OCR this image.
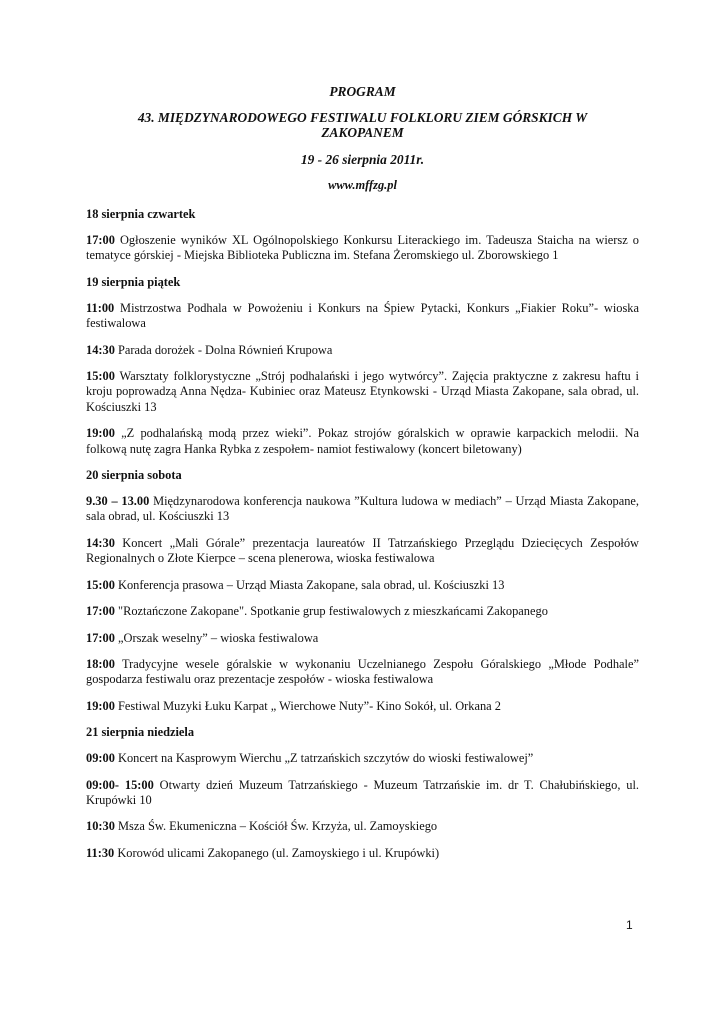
PROGRAM
43. MIĘDZYNARODOWEGO FESTIWALU FOLKLORU ZIEM GÓRSKICH W ZAKOPANEM
19 - 26 sierpnia 2011r.
www.mffzg.pl
18 sierpnia czwartek
17:00 Ogłoszenie wyników XL Ogólnopolskiego Konkursu Literackiego im. Tadeusza Staicha na wiersz o tematyce górskiej - Miejska Biblioteka Publiczna im. Stefana Żeromskiego ul. Zborowskiego 1
19 sierpnia piątek
11:00 Mistrzostwa Podhala w Powożeniu i Konkurs na Śpiew Pytacki, Konkurs „Fiakier Roku”- wioska festiwalowa
14:30 Parada dorożek - Dolna Równień Krupowa
15:00 Warsztaty folklorystyczne „Strój podhalański i jego wytwórcy”. Zajęcia praktyczne z zakresu haftu i kroju poprowadzą Anna Nędza- Kubiniec oraz Mateusz Etynkowski - Urząd Miasta Zakopane, sala obrad, ul. Kościuszki 13
19:00 „Z podhalańską modą przez wieki”. Pokaz strojów góralskich w oprawie karpackich melodii. Na folkową nutę zagra Hanka Rybka z zespołem- namiot festiwalowy (koncert biletowany)
20 sierpnia sobota
9.30 – 13.00 Międzynarodowa konferencja naukowa ”Kultura ludowa w mediach” – Urząd Miasta Zakopane, sala obrad, ul. Kościuszki 13
14:30 Koncert „Mali Górale” prezentacja laureatów II Tatrzańskiego Przeglądu Dziecięcych Zespołów Regionalnych o Złote Kierpce – scena plenerowa, wioska festiwalowa
15:00 Konferencja prasowa – Urząd Miasta Zakopane, sala obrad, ul. Kościuszki 13
17:00 "Roztańczone Zakopane". Spotkanie grup festiwalowych z mieszkańcami Zakopanego
17:00 „Orszak weselny” – wioska festiwalowa
18:00 Tradycyjne wesele góralskie w wykonaniu Uczelnianego Zespołu Góralskiego „Młode Podhale” gospodarza festiwalu oraz prezentacje zespołów - wioska festiwalowa
19:00 Festiwal Muzyki Łuku Karpat „ Wierchowe Nuty”- Kino Sokół, ul. Orkana 2
21 sierpnia niedziela
09:00 Koncert na Kasprowym Wierchu „Z tatrzańskich szczytów do wioski festiwalowej”
09:00- 15:00 Otwarty dzień Muzeum Tatrzańskiego - Muzeum Tatrzańskie im. dr T. Chałubińskiego, ul. Krupówki 10
10:30 Msza Św. Ekumeniczna – Kościół Św. Krzyża, ul. Zamoyskiego
11:30 Korowód ulicami Zakopanego (ul. Zamoyskiego i ul. Krupówki)
1
